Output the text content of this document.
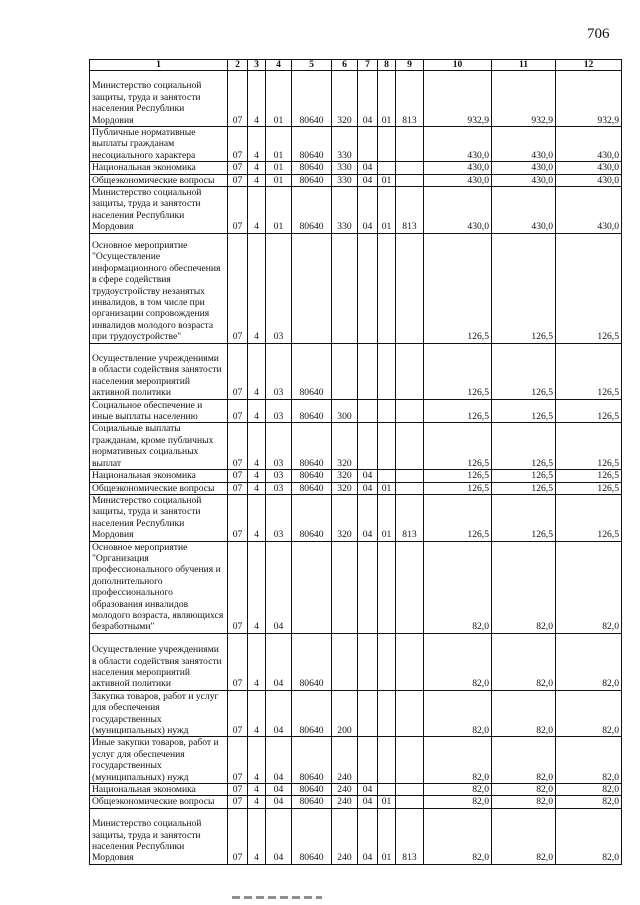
706
1	2	3	4	5	6	7	8	9	10	11	12
Министерство социальной защиты, труда и занятости населения Республики Мордовия	07	4	01	80640	320	04	01	813	932,9	932,9	932,9
Публичные нормативные выплаты гражданам несоциального характера	07	4	01	80640	330				430,0	430,0	430,0
Национальная экономика	07	4	01	80640	330	04			430,0	430,0	430,0
Общеэкономические вопросы	07	4	01	80640	330	04	01		430,0	430,0	430,0
Министерство социальной защиты, труда и занятости населения Республики Мордовия	07	4	01	80640	330	04	01	813	430,0	430,0	430,0
Основное мероприятие "Осуществление информационного обеспечения в сфере содействия трудоустройству незанятых инвалидов, в том числе при организации сопровождения инвалидов молодого возраста при трудоустройстве"	07	4	03						126,5	126,5	126,5
Осуществление учреждениями в области содействия занятости населения мероприятий активной политики	07	4	03	80640					126,5	126,5	126,5
Социальное обеспечение и иные выплаты населению	07	4	03	80640	300				126,5	126,5	126,5
Социальные выплаты гражданам, кроме публичных нормативных социальных выплат	07	4	03	80640	320				126,5	126,5	126,5
Национальная экономика	07	4	03	80640	320	04			126,5	126,5	126,5
Общеэкономические вопросы	07	4	03	80640	320	04	01		126,5	126,5	126,5
Министерство социальной защиты, труда и занятости населения Республики Мордовия	07	4	03	80640	320	04	01	813	126,5	126,5	126,5
Основное мероприятие "Организация профессионального обучения и дополнительного профессионального образования инвалидов молодого возраста, являющихся безработными"	07	4	04						82,0	82,0	82,0
Осуществление учреждениями в области содействия занятости населения мероприятий активной политики	07	4	04	80640					82,0	82,0	82,0
Закупка товаров, работ и услуг для обеспечения государственных (муниципальных) нужд	07	4	04	80640	200				82,0	82,0	82,0
Иные закупки товаров, работ и услуг для обеспечения государственных (муниципальных) нужд	07	4	04	80640	240				82,0	82,0	82,0
Национальная экономика	07	4	04	80640	240	04			82,0	82,0	82,0
Общеэкономические вопросы	07	4	04	80640	240	04	01		82,0	82,0	82,0
Министерство социальной защиты, труда и занятости населения Республики Мордовия	07	4	04	80640	240	04	01	813	82,0	82,0	82,0
